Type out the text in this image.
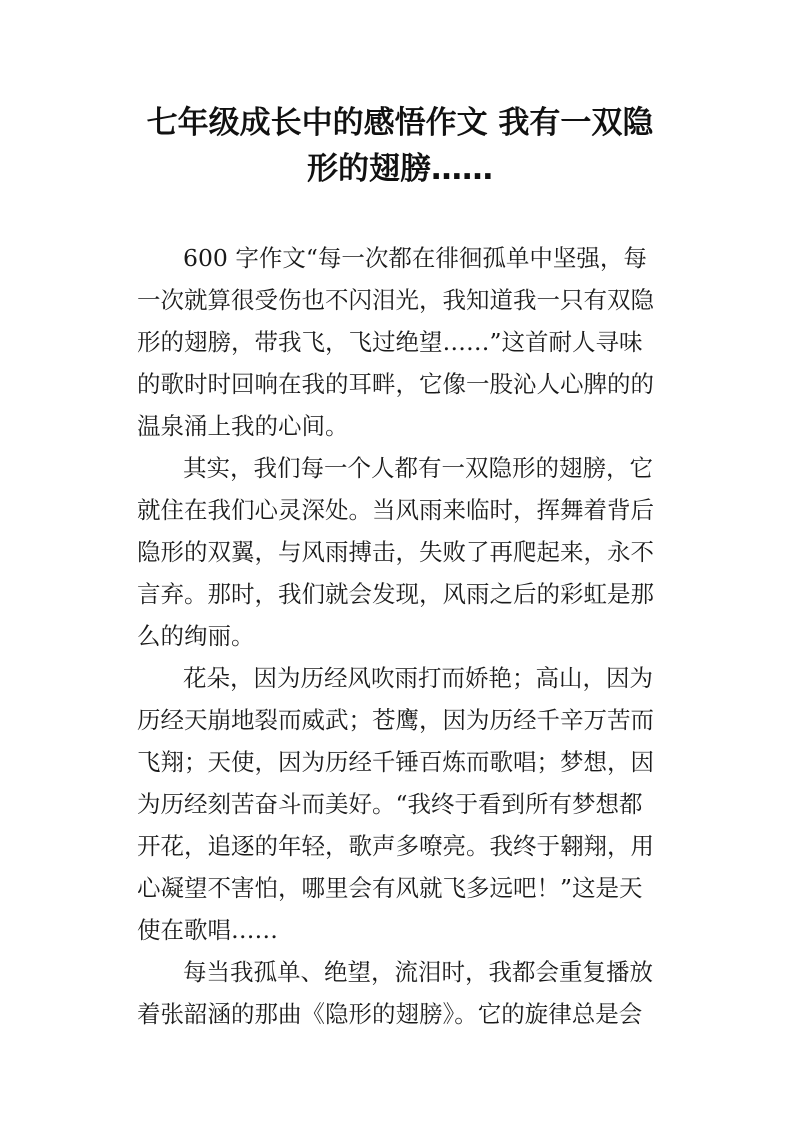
七年级成长中的感悟作文 我有一双隐
形的翅膀……

600 字作文“每一次都在徘徊孤单中坚强，每
一次就算很受伤也不闪泪光，我知道我一只有双隐
形的翅膀，带我飞，飞过绝望……”这首耐人寻味
的歌时时回响在我的耳畔，它像一股沁人心脾的的
温泉涌上我的心间。

其实，我们每一个人都有一双隐形的翅膀，它
就住在我们心灵深处。当风雨来临时，挥舞着背后
隐形的双翼，与风雨搏击，失败了再爬起来，永不
言弃。那时，我们就会发现，风雨之后的彩虹是那
么的绚丽。

花朵，因为历经风吹雨打而娇艳；高山，因为
历经天崩地裂而威武；苍鹰，因为历经千辛万苦而
飞翔；天使，因为历经千锤百炼而歌唱；梦想，因
为历经刻苦奋斗而美好。“我终于看到所有梦想都
开花，追逐的年轻，歌声多嘹亮。我终于翱翔，用
心凝望不害怕，哪里会有风就飞多远吧！”这是天
使在歌唱……

每当我孤单、绝望，流泪时，我都会重复播放
着张韶涵的那曲《隐形的翅膀》。它的旋律总是会
